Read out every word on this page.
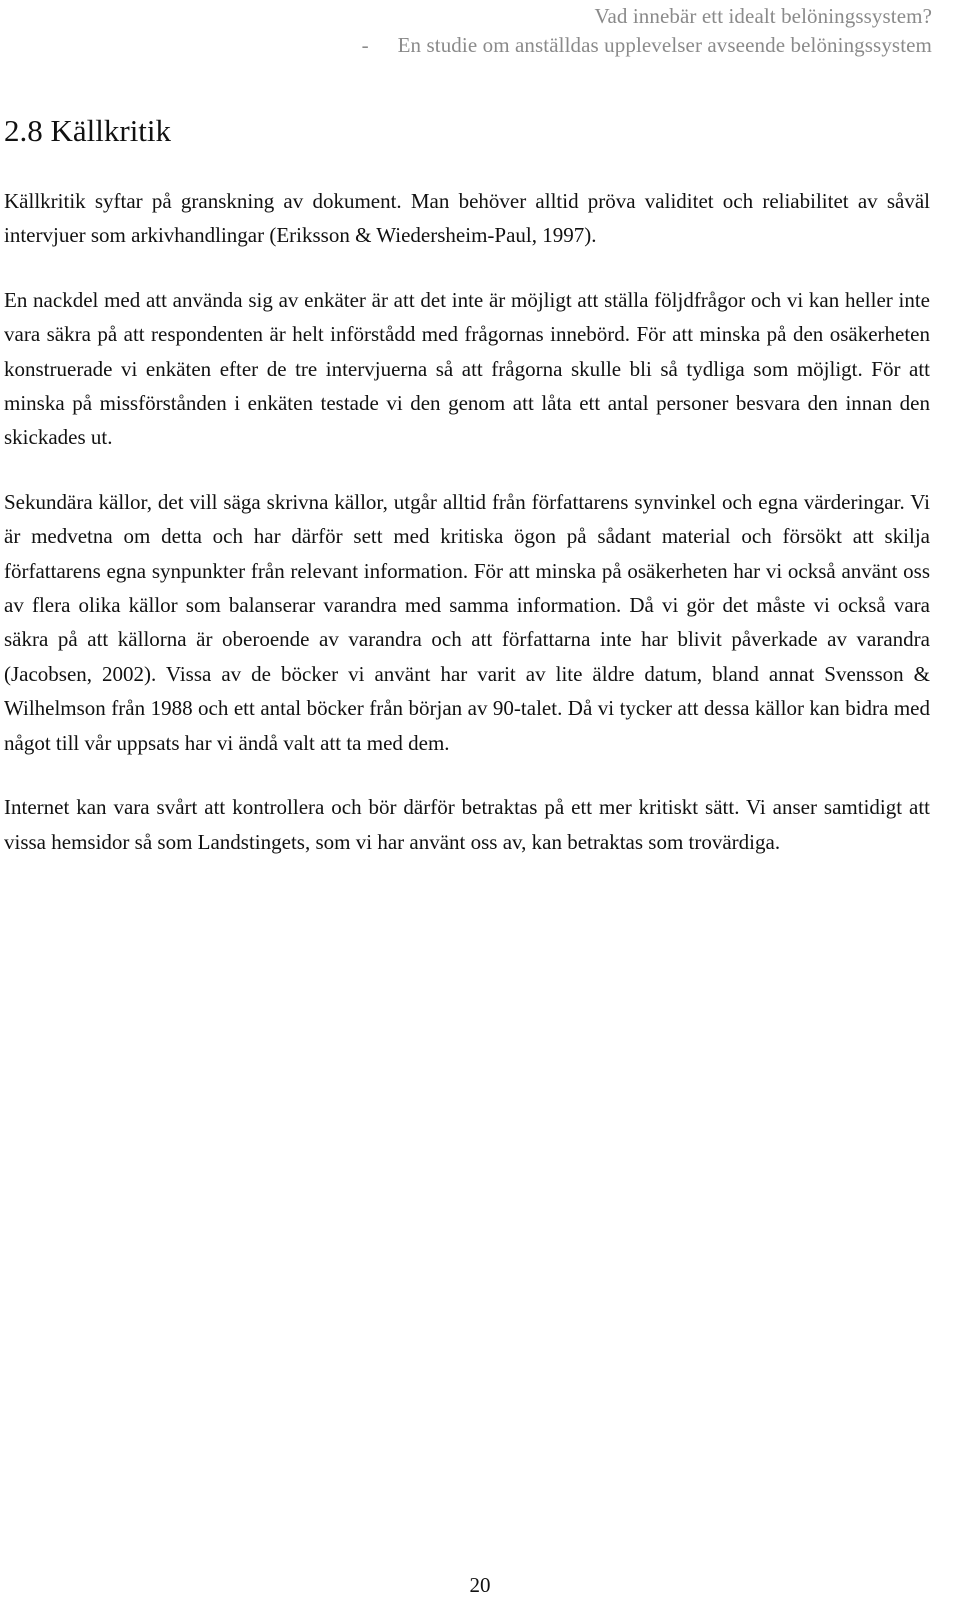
Vad innebär ett idealt belöningssystem?
- En studie om anställdas upplevelser avseende belöningssystem
2.8 Källkritik

Källkritik syftar på granskning av dokument. Man behöver alltid pröva validitet och reliabilitet av såväl intervjuer som arkivhandlingar (Eriksson & Wiedersheim-Paul, 1997).

En nackdel med att använda sig av enkäter är att det inte är möjligt att ställa följdfrågor och vi kan heller inte vara säkra på att respondenten är helt införstådd med frågornas innebörd. För att minska på den osäkerheten konstruerade vi enkäten efter de tre intervjuerna så att frågorna skulle bli så tydliga som möjligt. För att minska på missförstånden i enkäten testade vi den genom att låta ett antal personer besvara den innan den skickades ut.

Sekundära källor, det vill säga skrivna källor, utgår alltid från författarens synvinkel och egna värderingar. Vi är medvetna om detta och har därför sett med kritiska ögon på sådant material och försökt att skilja författarens egna synpunkter från relevant information. För att minska på osäkerheten har vi också använt oss av flera olika källor som balanserar varandra med samma information. Då vi gör det måste vi också vara säkra på att källorna är oberoende av varandra och att författarna inte har blivit påverkade av varandra (Jacobsen, 2002). Vissa av de böcker vi använt har varit av lite äldre datum, bland annat Svensson & Wilhelmson från 1988 och ett antal böcker från början av 90-talet. Då vi tycker att dessa källor kan bidra med något till vår uppsats har vi ändå valt att ta med dem.

Internet kan vara svårt att kontrollera och bör därför betraktas på ett mer kritiskt sätt. Vi anser samtidigt att vissa hemsidor så som Landstingets, som vi har använt oss av, kan betraktas som trovärdiga.

20
